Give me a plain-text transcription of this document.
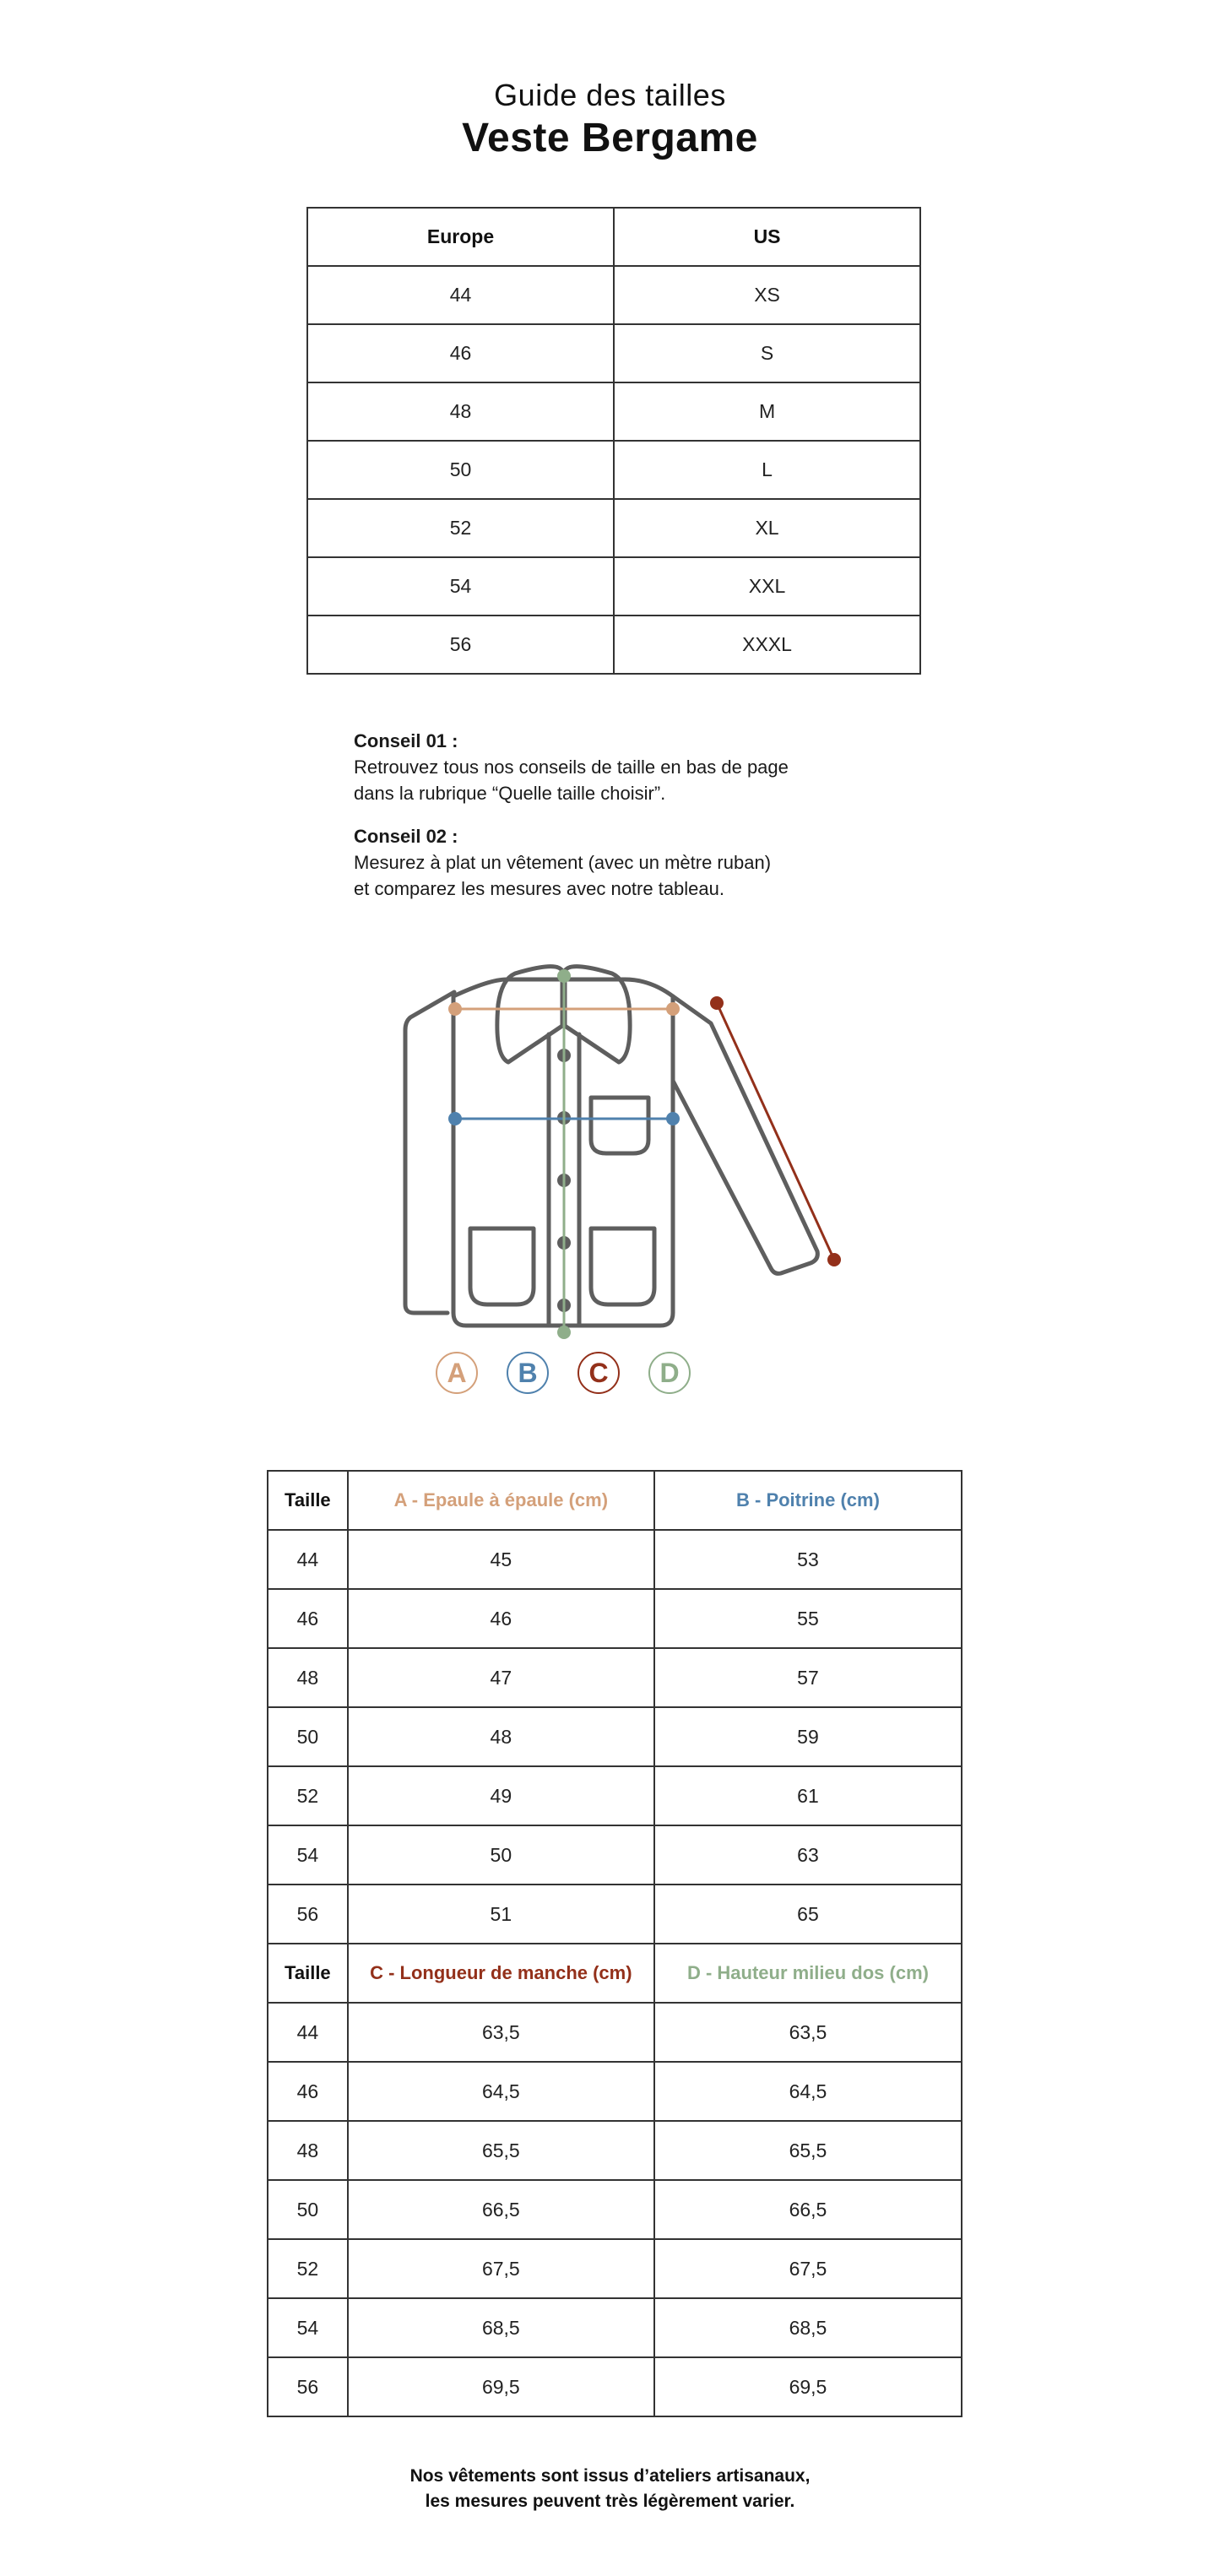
Guide des tailles
Veste Bergame
Europe	US
44	XS
46	S
48	M
50	L
52	XL
54	XXL
56	XXXL
Conseil 01 :
Retrouvez tous nos conseils de taille en bas de page
dans la rubrique “Quelle taille choisir”.
Conseil 02 :
Mesurez à plat un vêtement (avec un mètre ruban)
et comparez les mesures avec notre tableau.
A	B	C	D
Taille	A - Epaule à épaule (cm)	B - Poitrine (cm)
44	45	53
46	46	55
48	47	57
50	48	59
52	49	61
54	50	63
56	51	65
Taille	C - Longueur de manche (cm)	D - Hauteur milieu dos (cm)
44	63,5	63,5
46	64,5	64,5
48	65,5	65,5
50	66,5	66,5
52	67,5	67,5
54	68,5	68,5
56	69,5	69,5
Nos vêtements sont issus d’ateliers artisanaux,
les mesures peuvent très légèrement varier.
